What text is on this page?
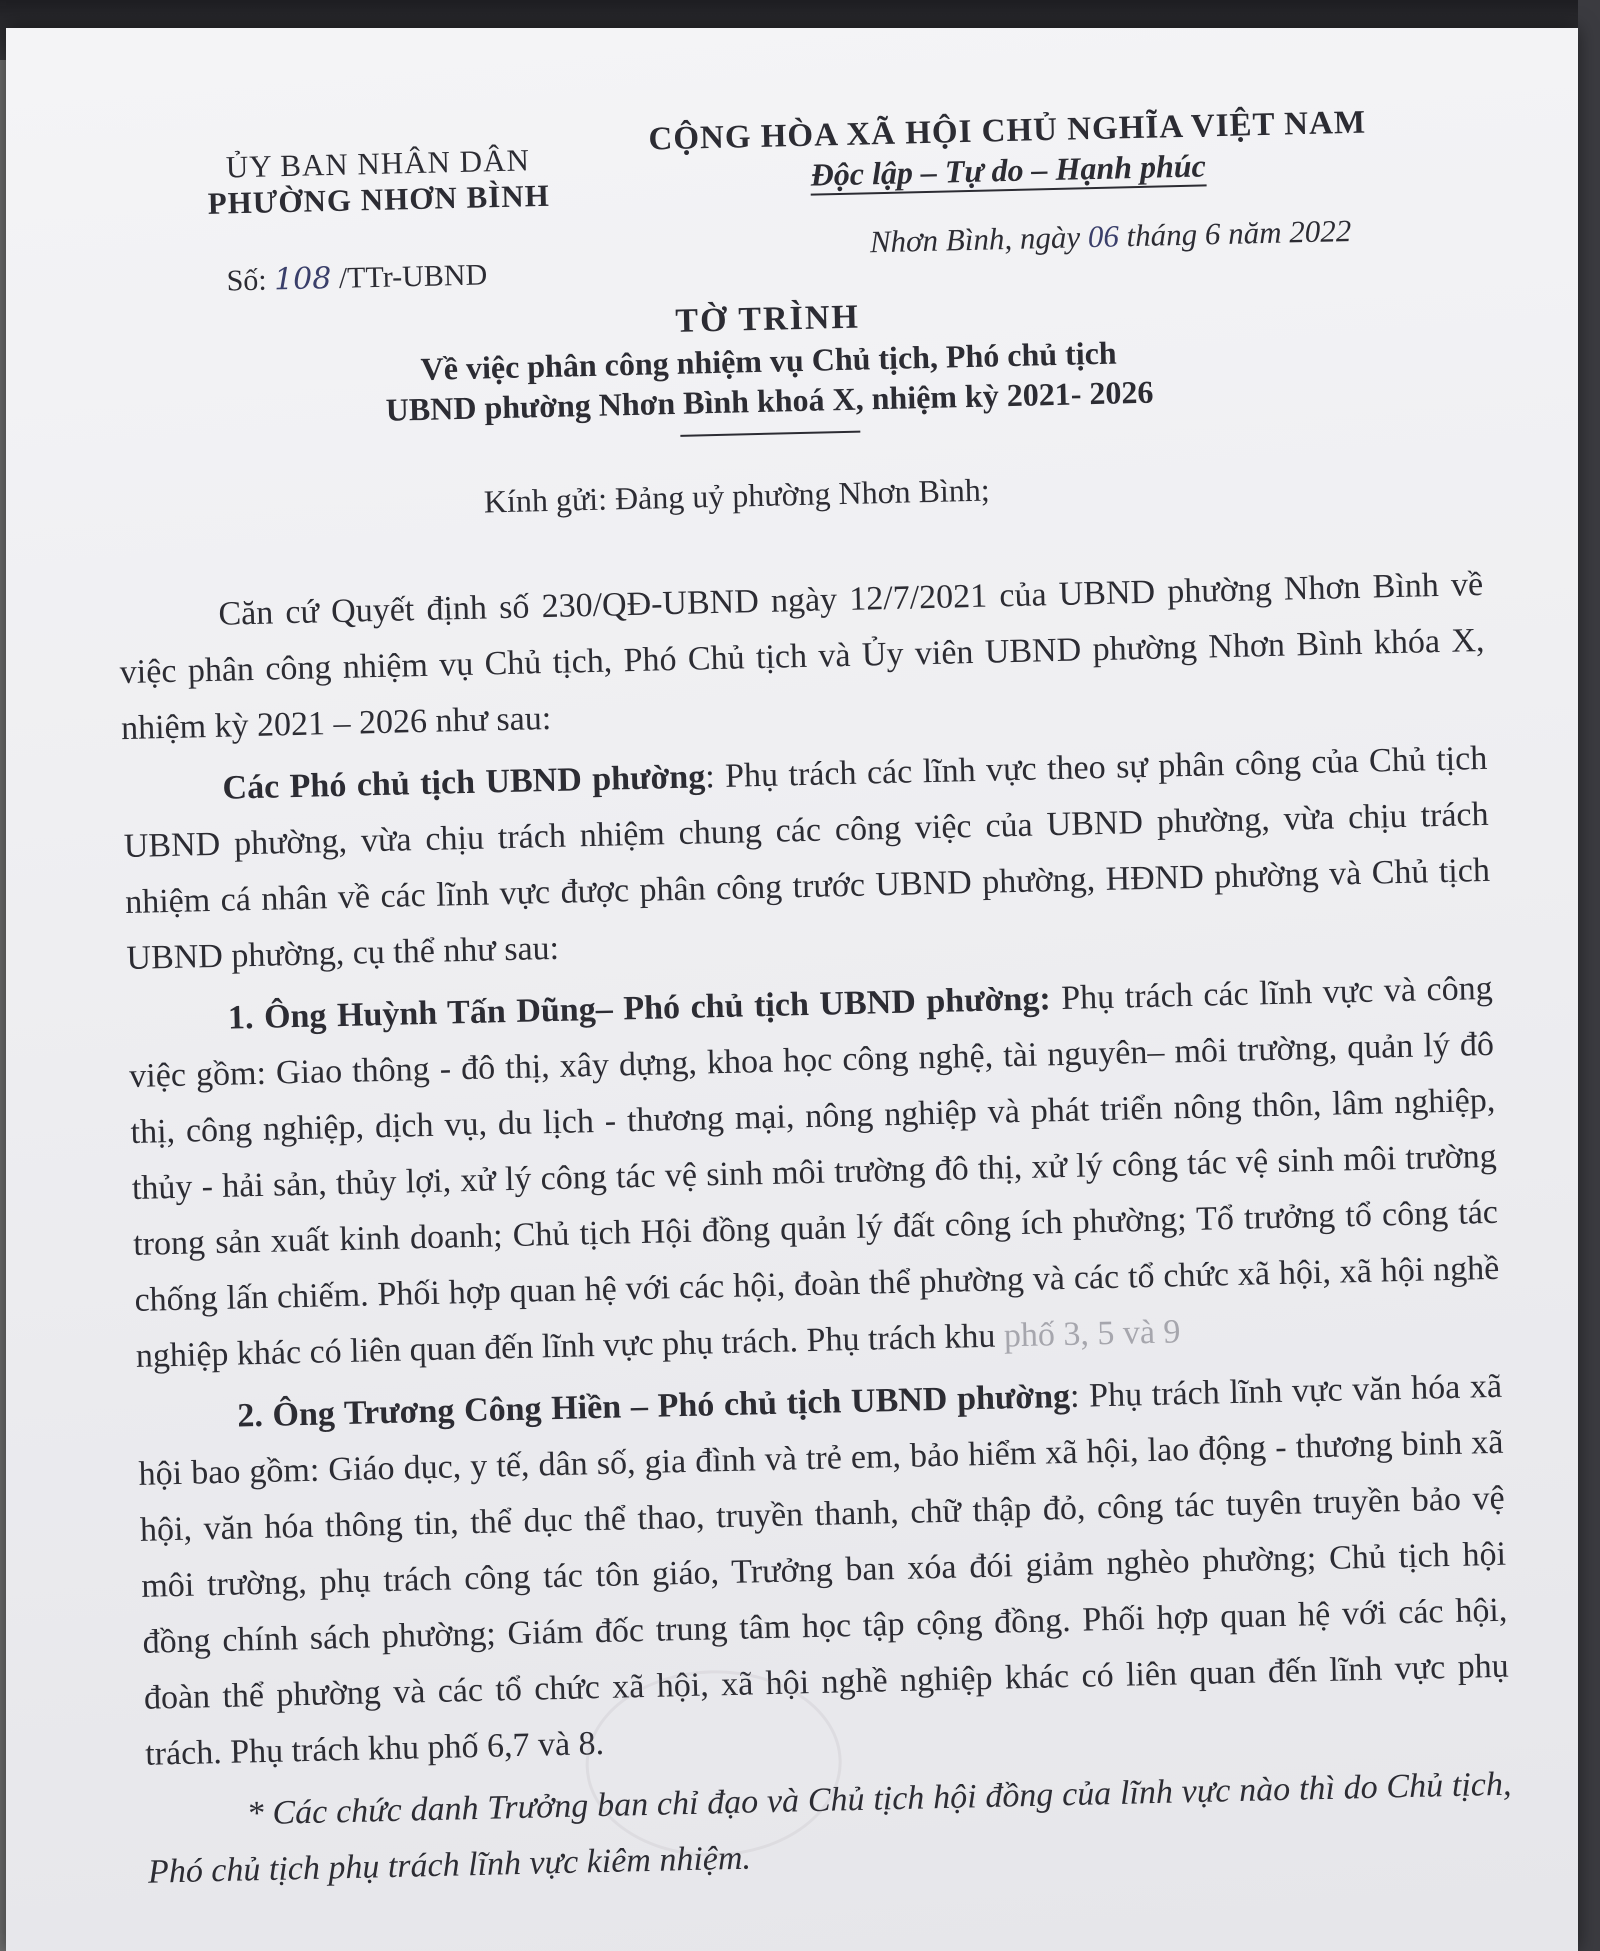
ỦY BAN NHÂN DÂN
PHƯỜNG NHƠN BÌNH
CỘNG HÒA XÃ HỘI CHỦ NGHĨA VIỆT NAM
Độc lập – Tự do – Hạnh phúc
Số: 108 /TTr-UBND
Nhơn Bình, ngày 06 tháng 6 năm 2022
TỜ TRÌNH
Về việc phân công nhiệm vụ Chủ tịch, Phó chủ tịch
UBND phường Nhơn Bình khoá X, nhiệm kỳ 2021- 2026
Kính gửi: Đảng uỷ phường Nhơn Bình;

Căn cứ Quyết định số 230/QĐ-UBND ngày 12/7/2021 của UBND phường Nhơn Bình về việc phân công nhiệm vụ Chủ tịch, Phó Chủ tịch và Ủy viên UBND phường Nhơn Bình khóa X, nhiệm kỳ 2021 – 2026 như sau:

Các Phó chủ tịch UBND phường: Phụ trách các lĩnh vực theo sự phân công của Chủ tịch UBND phường, vừa chịu trách nhiệm chung các công việc của UBND phường, vừa chịu trách nhiệm cá nhân về các lĩnh vực được phân công trước UBND phường, HĐND phường và Chủ tịch UBND phường, cụ thể như sau:

1. Ông Huỳnh Tấn Dũng– Phó chủ tịch UBND phường: Phụ trách các lĩnh vực và công việc gồm: Giao thông - đô thị, xây dựng, khoa học công nghệ, tài nguyên– môi trường, quản lý đô thị, công nghiệp, dịch vụ, du lịch - thương mại, nông nghiệp và phát triển nông thôn, lâm nghiệp, thủy - hải sản, thủy lợi, xử lý công tác vệ sinh môi trường đô thị, xử lý công tác vệ sinh môi trường trong sản xuất kinh doanh; Chủ tịch Hội đồng quản lý đất công ích phường; Tổ trưởng tổ công tác chống lấn chiếm. Phối hợp quan hệ với các hội, đoàn thể phường và các tổ chức xã hội, xã hội nghề nghiệp khác có liên quan đến lĩnh vực phụ trách. Phụ trách khu phố 3, 5 và 9

2. Ông Trương Công Hiền – Phó chủ tịch UBND phường: Phụ trách lĩnh vực văn hóa xã hội bao gồm: Giáo dục, y tế, dân số, gia đình và trẻ em, bảo hiểm xã hội, lao động - thương binh xã hội, văn hóa thông tin, thể dục thể thao, truyền thanh, chữ thập đỏ, công tác tuyên truyền bảo vệ môi trường, phụ trách công tác tôn giáo, Trưởng ban xóa đói giảm nghèo phường; Chủ tịch hội đồng chính sách phường; Giám đốc trung tâm học tập cộng đồng. Phối hợp quan hệ với các hội, đoàn thể phường và các tổ chức xã hội, xã hội nghề nghiệp khác có liên quan đến lĩnh vực phụ trách. Phụ trách khu phố 6,7 và 8.

* Các chức danh Trưởng ban chỉ đạo và Chủ tịch hội đồng của lĩnh vực nào thì do Chủ tịch, Phó chủ tịch phụ trách lĩnh vực kiêm nhiệm.
